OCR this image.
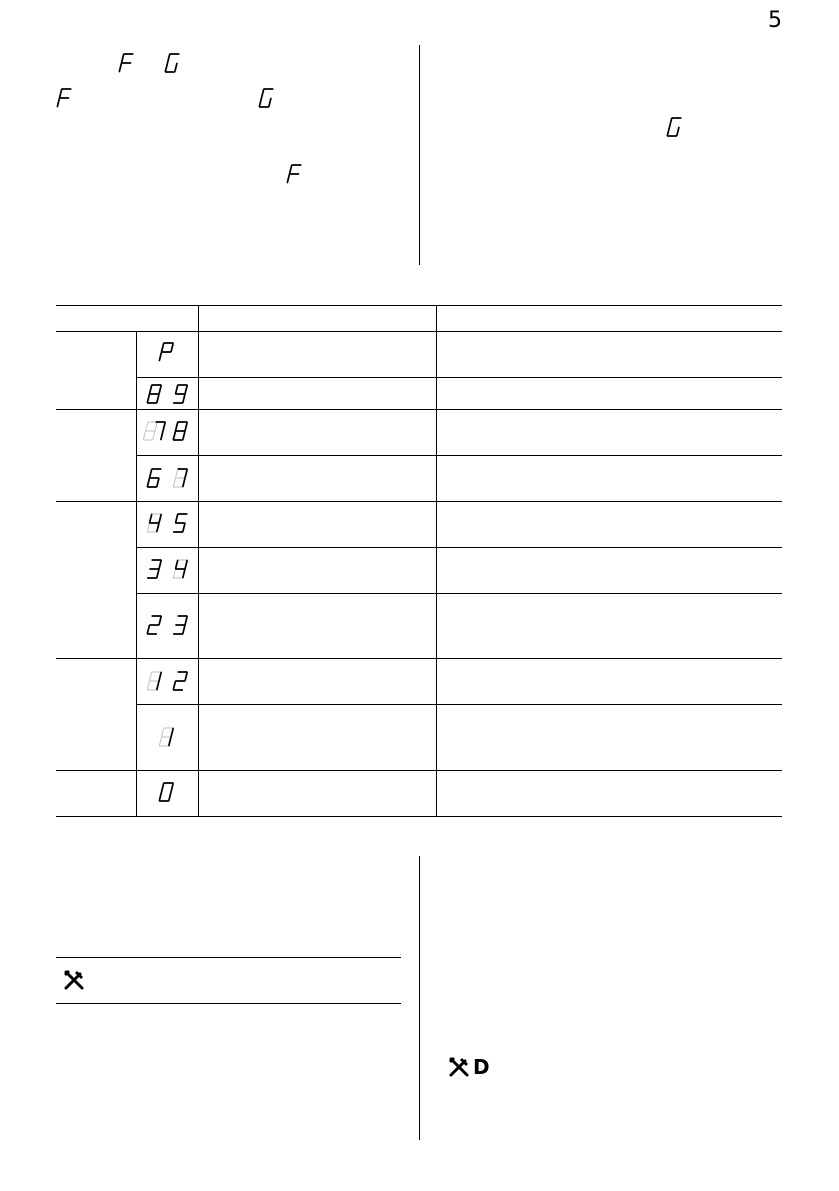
5
D
